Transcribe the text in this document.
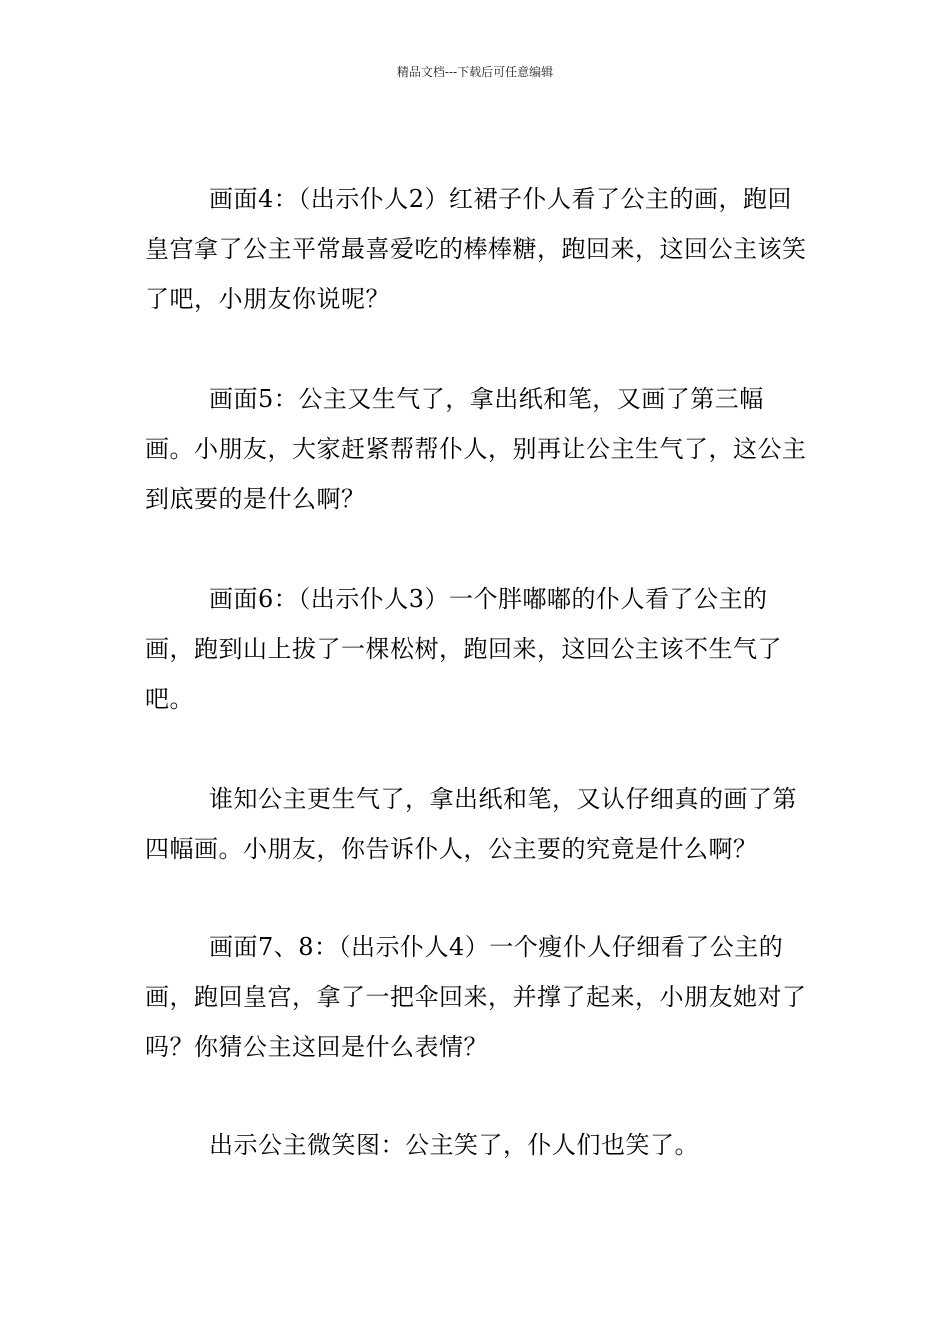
精品文档---下载后可任意编辑

画面4：（出示仆人2）红裙子仆人看了公主的画，跑回皇宫拿了公主平常最喜爱吃的棒棒糖，跑回来，这回公主该笑了吧，小朋友你说呢？

画面5：公主又生气了，拿出纸和笔，又画了第三幅画。小朋友，大家赶紧帮帮仆人，别再让公主生气了，这公主到底要的是什么啊？

画面6：（出示仆人3）一个胖嘟嘟的仆人看了公主的画，跑到山上拔了一棵松树，跑回来，这回公主该不生气了吧。

谁知公主更生气了，拿出纸和笔，又认仔细真的画了第四幅画。小朋友，你告诉仆人，公主要的究竟是什么啊？

画面7、8：（出示仆人4）一个瘦仆人仔细看了公主的画，跑回皇宫，拿了一把伞回来，并撑了起来，小朋友她对了吗？你猜公主这回是什么表情？

出示公主微笑图：公主笑了，仆人们也笑了。
